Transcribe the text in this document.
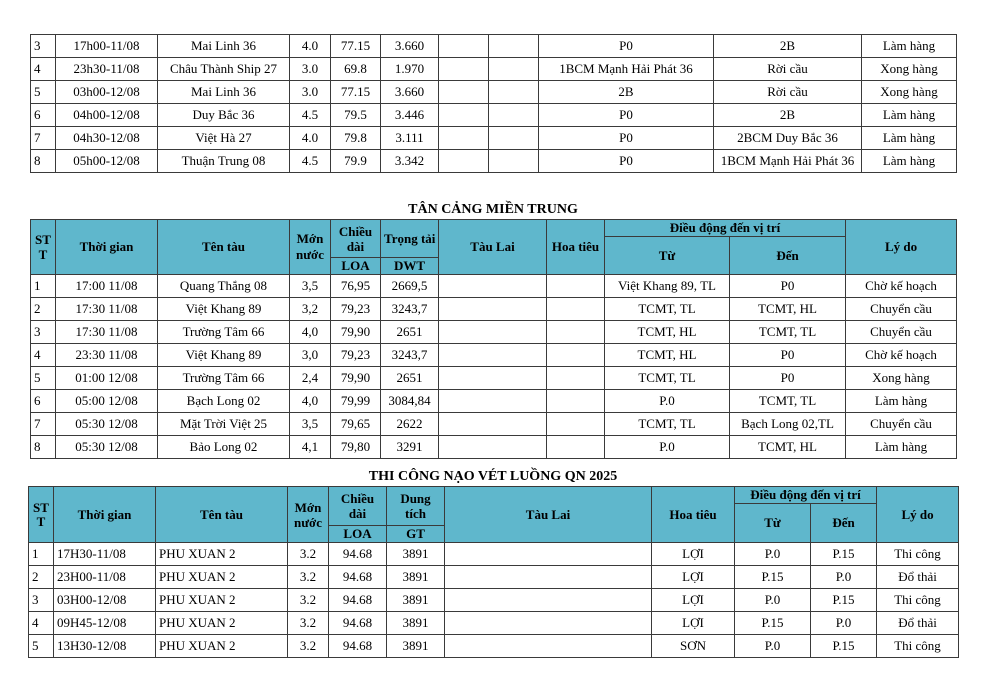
3	17h00-11/08	Mai Linh 36	4.0	77.15	3.660			P0	2B	Làm hàng
4	23h30-11/08	Châu Thành Ship 27	3.0	69.8	1.970			1BCM Mạnh Hải Phát 36	Rời cầu	Xong hàng
5	03h00-12/08	Mai Linh 36	3.0	77.15	3.660			2B	Rời cầu	Xong hàng
6	04h00-12/08	Duy Bắc 36	4.5	79.5	3.446			P0	2B	Làm hàng
7	04h30-12/08	Việt Hà 27	4.0	79.8	3.111			P0	2BCM Duy Bắc 36	Làm hàng
8	05h00-12/08	Thuận Trung 08	4.5	79.9	3.342			P0	1BCM Mạnh Hải Phát 36	Làm hàng
TÂN CẢNG MIỀN TRUNG
STT	Thời gian	Tên tàu	Mớn nước	Chiều dài	Trọng tải	Tàu Lai	Hoa tiêu	Điều động đến vị trí		Lý do
								Từ	Đến	
				LOA	DWT					
1	17:00 11/08	Quang Thắng 08	3,5	76,95	2669,5			Việt Khang 89, TL	P0	Chờ kế hoạch
2	17:30 11/08	Việt Khang 89	3,2	79,23	3243,7			TCMT, TL	TCMT, HL	Chuyển cầu
3	17:30 11/08	Trường Tâm 66	4,0	79,90	2651			TCMT, HL	TCMT, TL	Chuyển cầu
4	23:30 11/08	Việt Khang 89	3,0	79,23	3243,7			TCMT, HL	P0	Chờ kế hoạch
5	01:00 12/08	Trường Tâm 66	2,4	79,90	2651			TCMT, TL	P0	Xong hàng
6	05:00 12/08	Bạch Long 02	4,0	79,99	3084,84			P.0	TCMT, TL	Làm hàng
7	05:30 12/08	Mặt Trời Việt 25	3,5	79,65	2622			TCMT, TL	Bạch Long 02,TL	Chuyển cầu
8	05:30 12/08	Bảo Long 02	4,1	79,80	3291			P.0	TCMT, HL	Làm hàng
THI CÔNG NẠO VÉT LUỒNG QN 2025
STT	Thời gian	Tên tàu	Mớn nước	Chiều dài	Dung tích	Tàu Lai	Hoa tiêu	Điều động đến vị trí		Lý do
								Từ	Đến	
				LOA	GT					
1	17H30-11/08	PHU XUAN 2	3.2	94.68	3891		LỢI	P.0	P.15	Thi công
2	23H00-11/08	PHU XUAN 2	3.2	94.68	3891		LỢI	P.15	P.0	Đổ thải
3	03H00-12/08	PHU XUAN 2	3.2	94.68	3891		LỢI	P.0	P.15	Thi công
4	09H45-12/08	PHU XUAN 2	3.2	94.68	3891		LỢI	P.15	P.0	Đổ thải
5	13H30-12/08	PHU XUAN 2	3.2	94.68	3891		SƠN	P.0	P.15	Thi công
